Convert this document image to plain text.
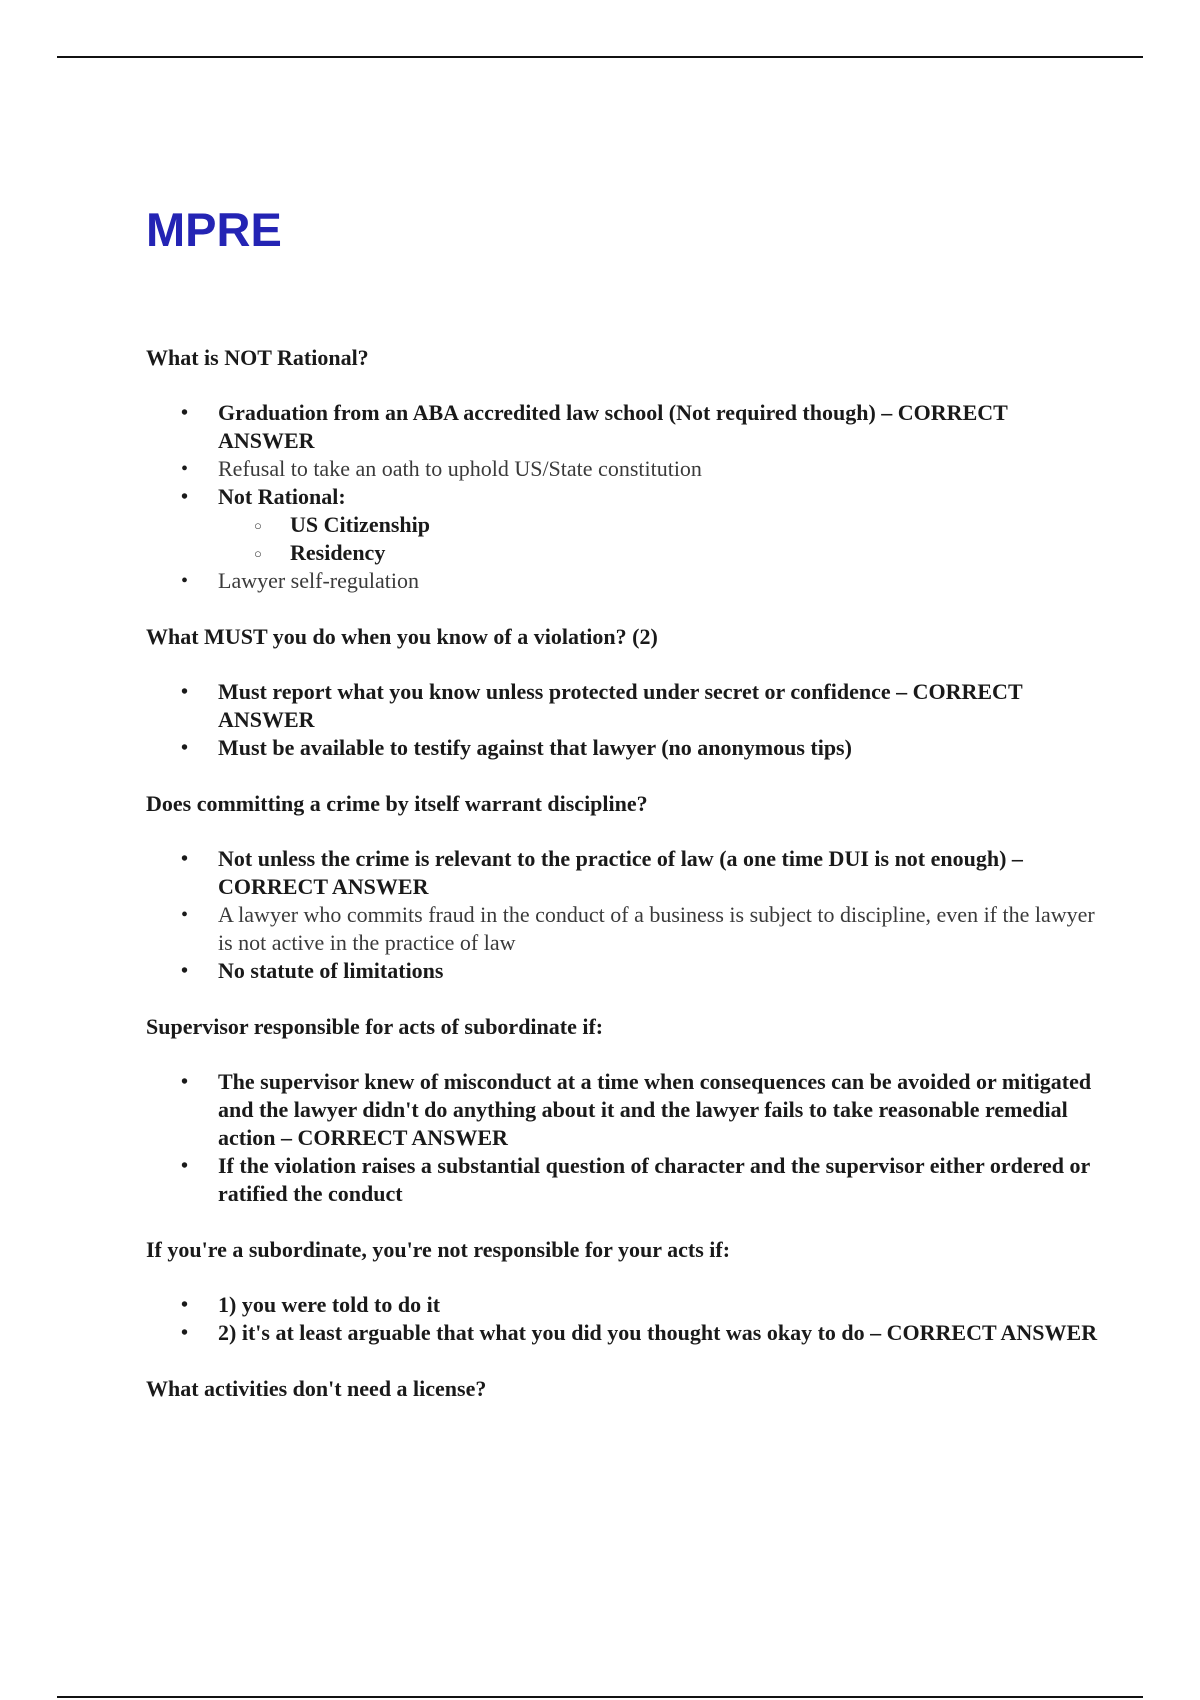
MPRE

What is NOT Rational?

• Graduation from an ABA accredited law school (Not required though) – CORRECT ANSWER
• Refusal to take an oath to uphold US/State constitution
• Not Rational:
○ US Citizenship
○ Residency
• Lawyer self-regulation

What MUST you do when you know of a violation? (2)

• Must report what you know unless protected under secret or confidence – CORRECT ANSWER
• Must be available to testify against that lawyer (no anonymous tips)

Does committing a crime by itself warrant discipline?

• Not unless the crime is relevant to the practice of law (a one time DUI is not enough) – CORRECT ANSWER
• A lawyer who commits fraud in the conduct of a business is subject to discipline, even if the lawyer is not active in the practice of law
• No statute of limitations

Supervisor responsible for acts of subordinate if:

• The supervisor knew of misconduct at a time when consequences can be avoided or mitigated and the lawyer didn't do anything about it and the lawyer fails to take reasonable remedial action – CORRECT ANSWER
• If the violation raises a substantial question of character and the supervisor either ordered or ratified the conduct

If you're a subordinate, you're not responsible for your acts if:

• 1) you were told to do it
• 2) it's at least arguable that what you did you thought was okay to do – CORRECT ANSWER

What activities don't need a license?
